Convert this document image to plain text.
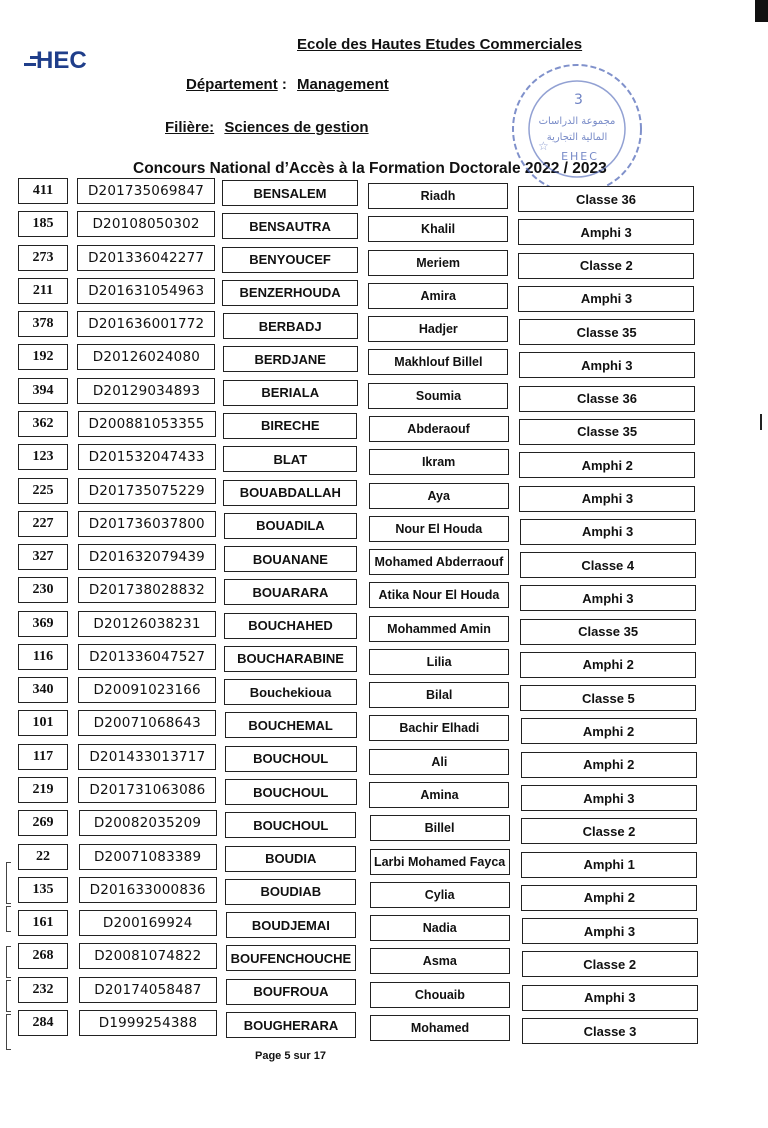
HEC
Ecole des Hautes Etudes Commerciales
Département : Management
Filière: Sciences de gestion
Concours National d’Accès à la Formation Doctorale 2022 / 2023
3
مجموعة الدراسات
المالية التجارية
EHEC
☆
411	D201735069847	BENSALEM	Riadh	Classe 36
185	D20108050302	BENSAUTRA	Khalil	Amphi 3
273	D201336042277	BENYOUCEF	Meriem	Classe 2
211	D201631054963	BENZERHOUDA	Amira	Amphi 3
378	D201636001772	BERBADJ	Hadjer	Classe 35
192	D20126024080	BERDJANE	Makhlouf Billel	Amphi 3
394	D20129034893	BERIALA	Soumia	Classe 36
362	D200881053355	BIRECHE	Abderaouf	Classe 35
123	D201532047433	BLAT	Ikram	Amphi 2
225	D201735075229	BOUABDALLAH	Aya	Amphi 3
227	D201736037800	BOUADILA	Nour El Houda	Amphi 3
327	D201632079439	BOUANANE	Mohamed Abderraouf	Classe 4
230	D201738028832	BOUARARA	Atika Nour El Houda	Amphi 3
369	D20126038231	BOUCHAHED	Mohammed Amin	Classe 35
116	D201336047527	BOUCHARABINE	Lilia	Amphi 2
340	D20091023166	Bouchekioua	Bilal	Classe 5
101	D20071068643	BOUCHEMAL	Bachir Elhadi	Amphi 2
117	D201433013717	BOUCHOUL	Ali	Amphi 2
219	D201731063086	BOUCHOUL	Amina	Amphi 3
269	D20082035209	BOUCHOUL	Billel	Classe 2
22	D20071083389	BOUDIA	Larbi Mohamed Fayca	Amphi 1
135	D201633000836	BOUDIAB	Cylia	Amphi 2
161	D200169924	BOUDJEMAI	Nadia	Amphi 3
268	D20081074822	BOUFENCHOUCHE	Asma	Classe 2
232	D20174058487	BOUFROUA	Chouaib	Amphi 3
284	D1999254388	BOUGHERARA	Mohamed	Classe 3
Page 5 sur 17
